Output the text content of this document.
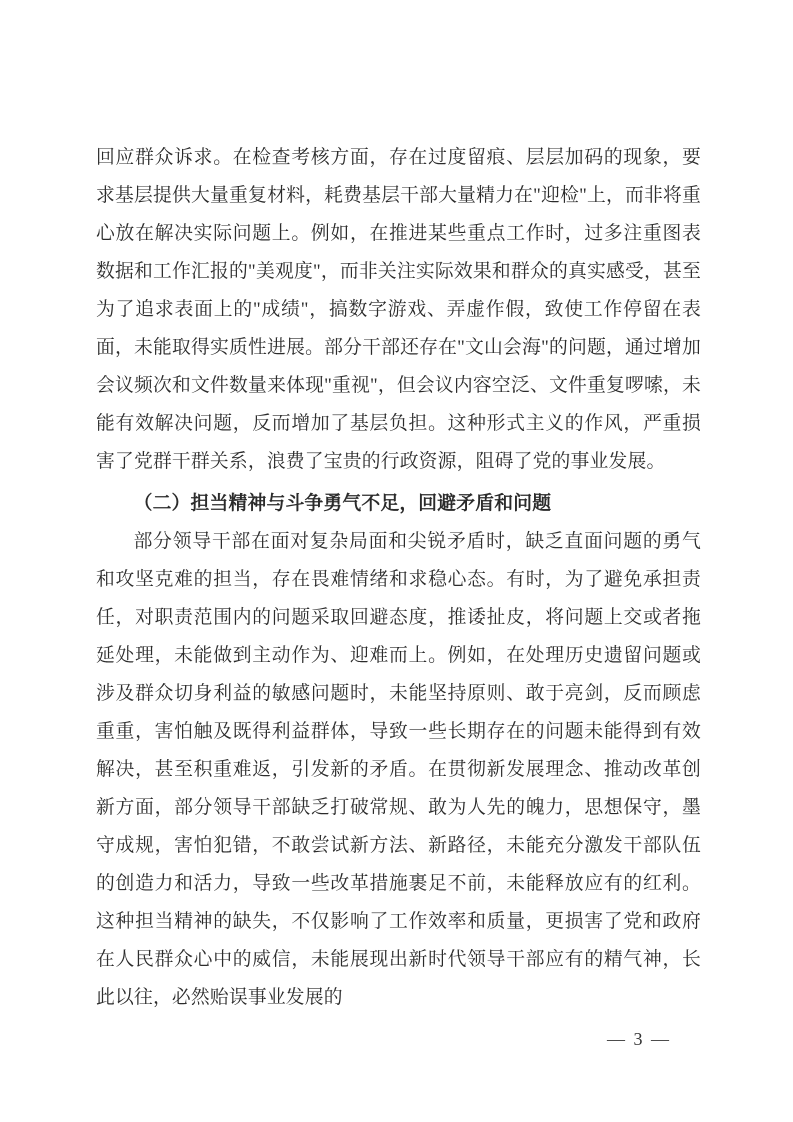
回应群众诉求。在检查考核方面，存在过度留痕、层层加码的现象，要求基层提供大量重复材料，耗费基层干部大量精力在"迎检"上，而非将重心放在解决实际问题上。例如，在推进某些重点工作时，过多注重图表数据和工作汇报的"美观度"，而非关注实际效果和群众的真实感受，甚至为了追求表面上的"成绩"，搞数字游戏、弄虚作假，致使工作停留在表面，未能取得实质性进展。部分干部还存在"文山会海"的问题，通过增加会议频次和文件数量来体现"重视"，但会议内容空泛、文件重复啰嗦，未能有效解决问题，反而增加了基层负担。这种形式主义的作风，严重损害了党群干群关系，浪费了宝贵的行政资源，阻碍了党的事业发展。

（二）担当精神与斗争勇气不足，回避矛盾和问题

部分领导干部在面对复杂局面和尖锐矛盾时，缺乏直面问题的勇气和攻坚克难的担当，存在畏难情绪和求稳心态。有时，为了避免承担责任，对职责范围内的问题采取回避态度，推诿扯皮，将问题上交或者拖延处理，未能做到主动作为、迎难而上。例如，在处理历史遗留问题或涉及群众切身利益的敏感问题时，未能坚持原则、敢于亮剑，反而顾虑重重，害怕触及既得利益群体，导致一些长期存在的问题未能得到有效解决，甚至积重难返，引发新的矛盾。在贯彻新发展理念、推动改革创新方面，部分领导干部缺乏打破常规、敢为人先的魄力，思想保守，墨守成规，害怕犯错，不敢尝试新方法、新路径，未能充分激发干部队伍的创造力和活力，导致一些改革措施裹足不前，未能释放应有的红利。这种担当精神的缺失，不仅影响了工作效率和质量，更损害了党和政府在人民群众心中的威信，未能展现出新时代领导干部应有的精气神，长此以往，必然贻误事业发展的

— 3 —
